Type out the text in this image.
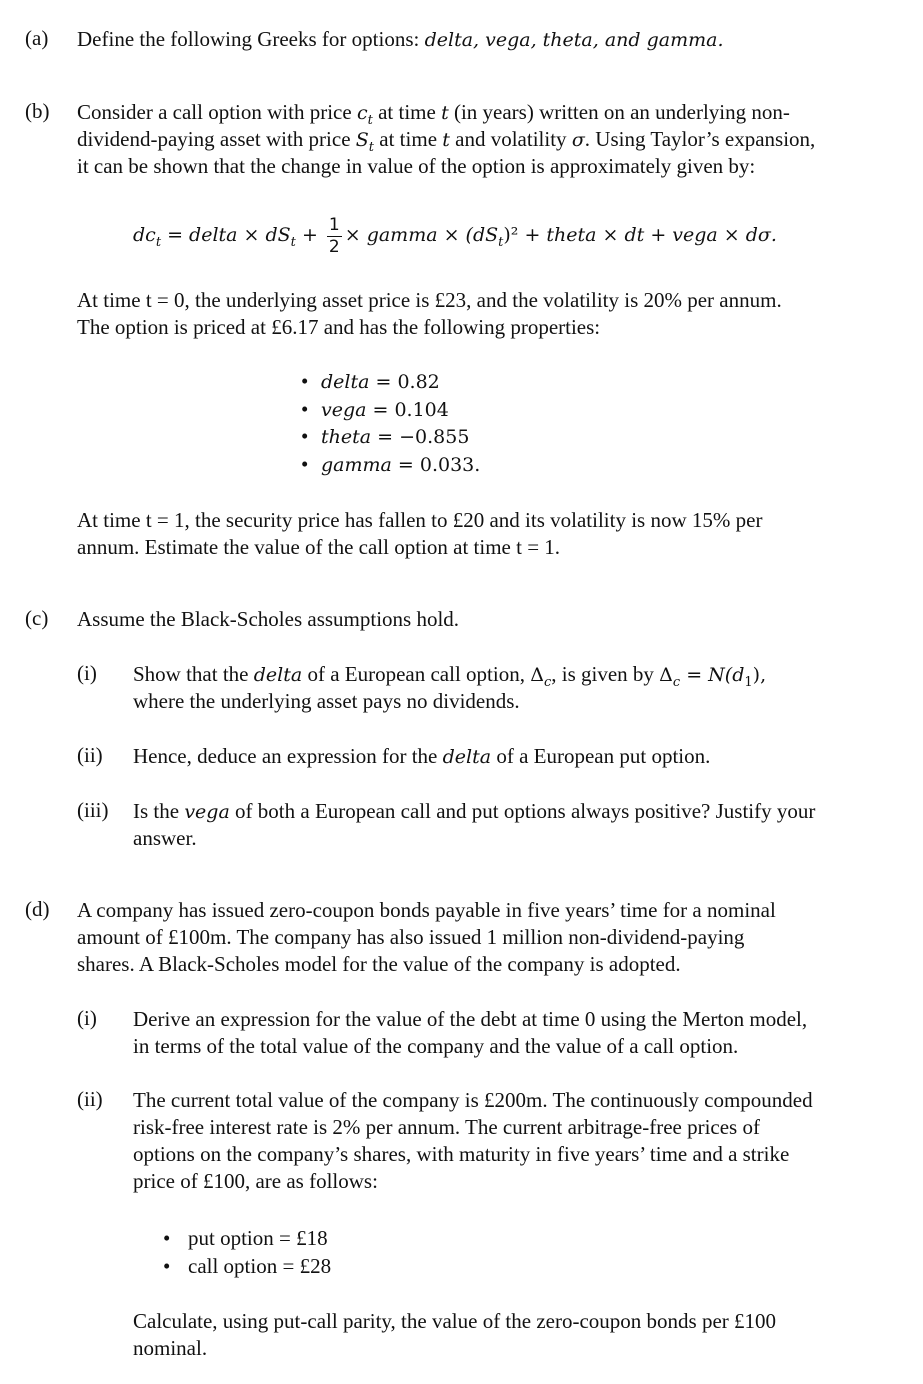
(a) Define the following Greeks for options: delta, vega, theta, and gamma.
(b) Consider a call option with price $c_t$ at time t (in years) written on an underlying non-
dividend-paying asset with price $S_t$ at time t and volatility σ. Using Taylor’s expansion,
it can be shown that the change in value of the option is approximately given by:
$dc_t$ = delta × $dS_t + \frac{1}{2}$ × gamma × $(dS_t)^2$ + theta × dt + vega × dσ.
At time t = 0, the underlying asset price is £23, and the volatility is 20% per annum.
The option is priced at £6.17 and has the following properties:
• delta = 0.82
• vega = 0.104
• theta = −0.855
• gamma = 0.033.
At time t = 1, the security price has fallen to £20 and its volatility is now 15% per
annum. Estimate the value of the call option at time t = 1.
(c) Assume the Black-Scholes assumptions hold.
(i) Show that the delta of a European call option, $\Delta_c$, is given by $\Delta_c = N(d_1)$,
where the underlying asset pays no dividends.
(ii) Hence, deduce an expression for the delta of a European put option.
(iii) Is the vega of both a European call and put options always positive? Justify your
answer.
(d) A company has issued zero-coupon bonds payable in five years’ time for a nominal
amount of £100m. The company has also issued 1 million non-dividend-paying
shares. A Black-Scholes model for the value of the company is adopted.
(i) Derive an expression for the value of the debt at time 0 using the Merton model,
in terms of the total value of the company and the value of a call option.
(ii) The current total value of the company is £200m. The continuously compounded
risk-free interest rate is 2% per annum. The current arbitrage-free prices of
options on the company’s shares, with maturity in five years’ time and a strike
price of £100, are as follows:
• put option = £18
• call option = £28
Calculate, using put-call parity, the value of the zero-coupon bonds per £100
nominal.
